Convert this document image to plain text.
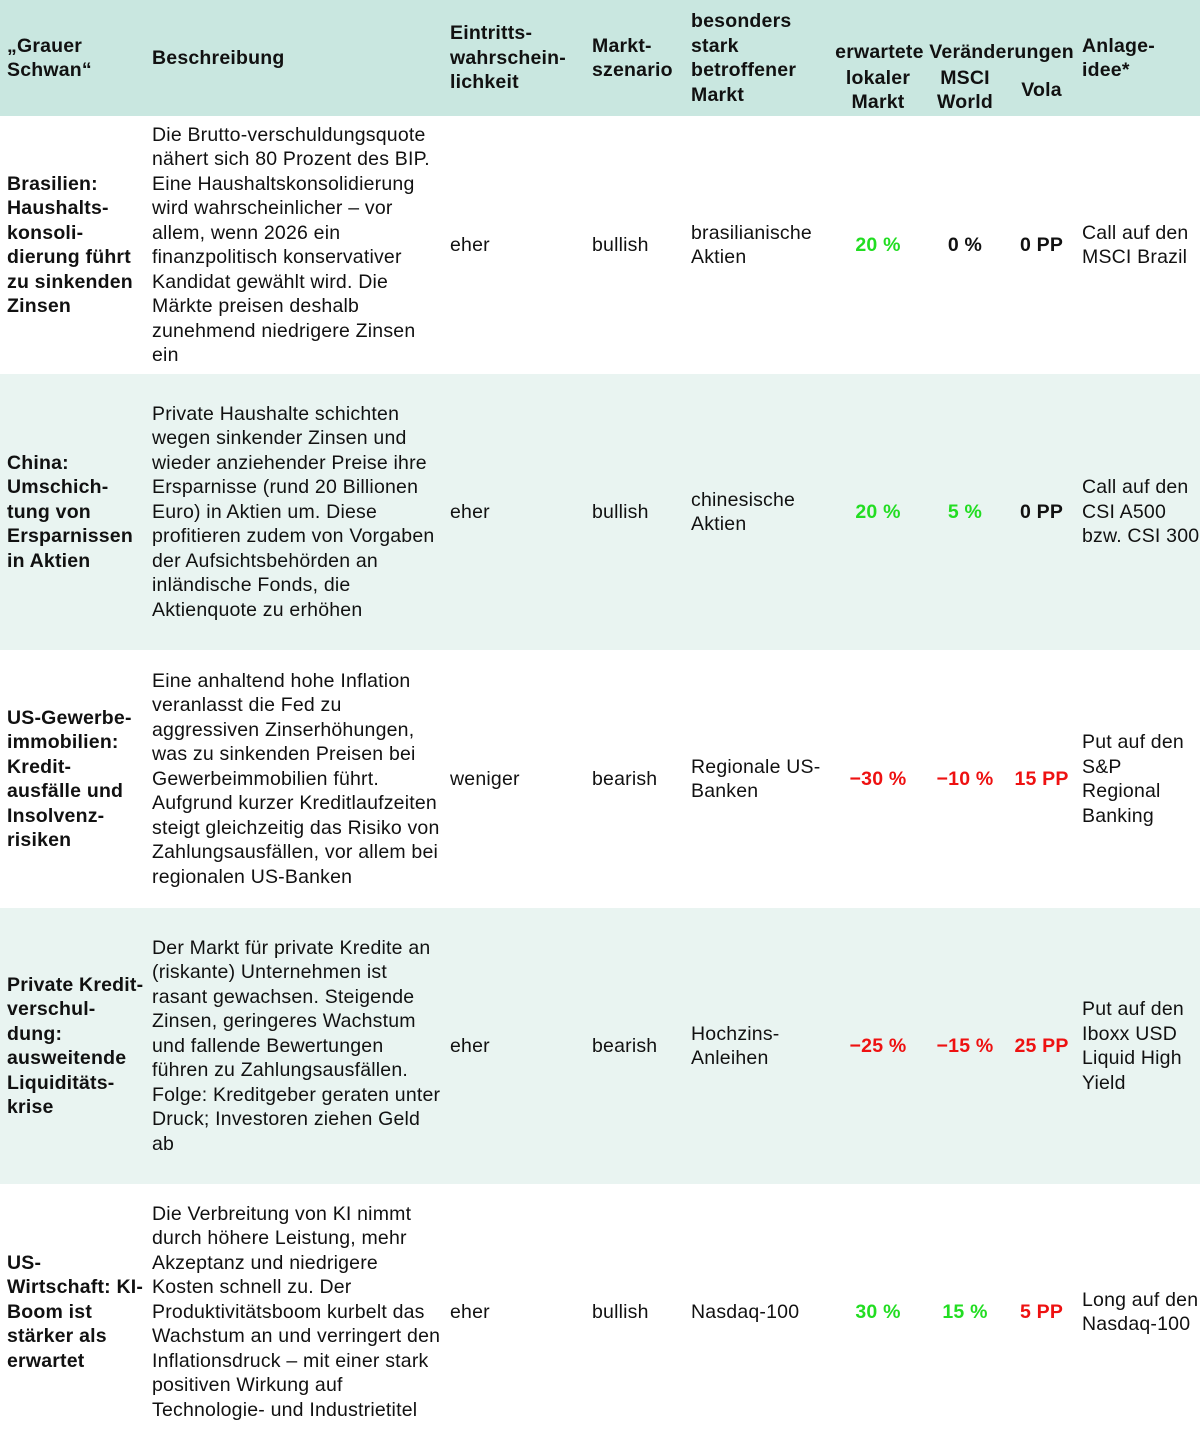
„Grauer Schwan“	Beschreibung	Eintritts-wahrschein-lichkeit	Markt-szenario	besonders stark betroffener Markt	erwartete Veränderungen			Anlage-idee*
					lokaler Markt	MSCI World	Vola	
Brasilien: Haushalts-konsoli-dierung führt zu sinkenden Zinsen	Die Brutto-verschuldungsquote nähert sich 80 Prozent des BIP. Eine Haushaltskonsolidierung wird wahrscheinlicher – vor allem, wenn 2026 ein finanzpolitisch konservativer Kandidat gewählt wird. Die Märkte preisen deshalb zunehmend niedrigere Zinsen ein	eher	bullish	brasilianische Aktien	20 %	0 %	0 PP	Call auf den MSCI Brazil
China: Umschich-tung von Ersparnissen in Aktien	Private Haushalte schichten wegen sinkender Zinsen und wieder anziehender Preise ihre Ersparnisse (rund 20 Billionen Euro) in Aktien um. Diese profitieren zudem von Vorgaben der Aufsichtsbehörden an inländische Fonds, die Aktienquote zu erhöhen	eher	bullish	chinesische Aktien	20 %	5 %	0 PP	Call auf den CSI A500 bzw. CSI 300
US-Gewerbe-immobilien: Kredit-ausfälle und Insolvenz-risiken	Eine anhaltend hohe Inflation veranlasst die Fed zu aggressiven Zinserhöhungen, was zu sinkenden Preisen bei Gewerbeimmobilien führt. Aufgrund kurzer Kreditlaufzeiten steigt gleichzeitig das Risiko von Zahlungsausfällen, vor allem bei regionalen US-Banken	weniger	bearish	Regionale US-Banken	−30 %	−10 %	15 PP	Put auf den S&P Regional Banking
Private Kredit-verschul-dung: ausweitende Liquiditäts-krise	Der Markt für private Kredite an (riskante) Unternehmen ist rasant gewachsen. Steigende Zinsen, geringeres Wachstum und fallende Bewertungen führen zu Zahlungsausfällen. Folge: Kreditgeber geraten unter Druck; Investoren ziehen Geld ab	eher	bearish	Hochzins-Anleihen	−25 %	−15 %	25 PP	Put auf den Iboxx USD Liquid High Yield
US-Wirtschaft: KI-Boom ist stärker als erwartet	Die Verbreitung von KI nimmt durch höhere Leistung, mehr Akzeptanz und niedrigere Kosten schnell zu. Der Produktivitätsboom kurbelt das Wachstum an und verringert den Inflationsdruck – mit einer stark positiven Wirkung auf Technologie- und Industrietitel	eher	bullish	Nasdaq-100	30 %	15 %	5 PP	Long auf den Nasdaq-100
